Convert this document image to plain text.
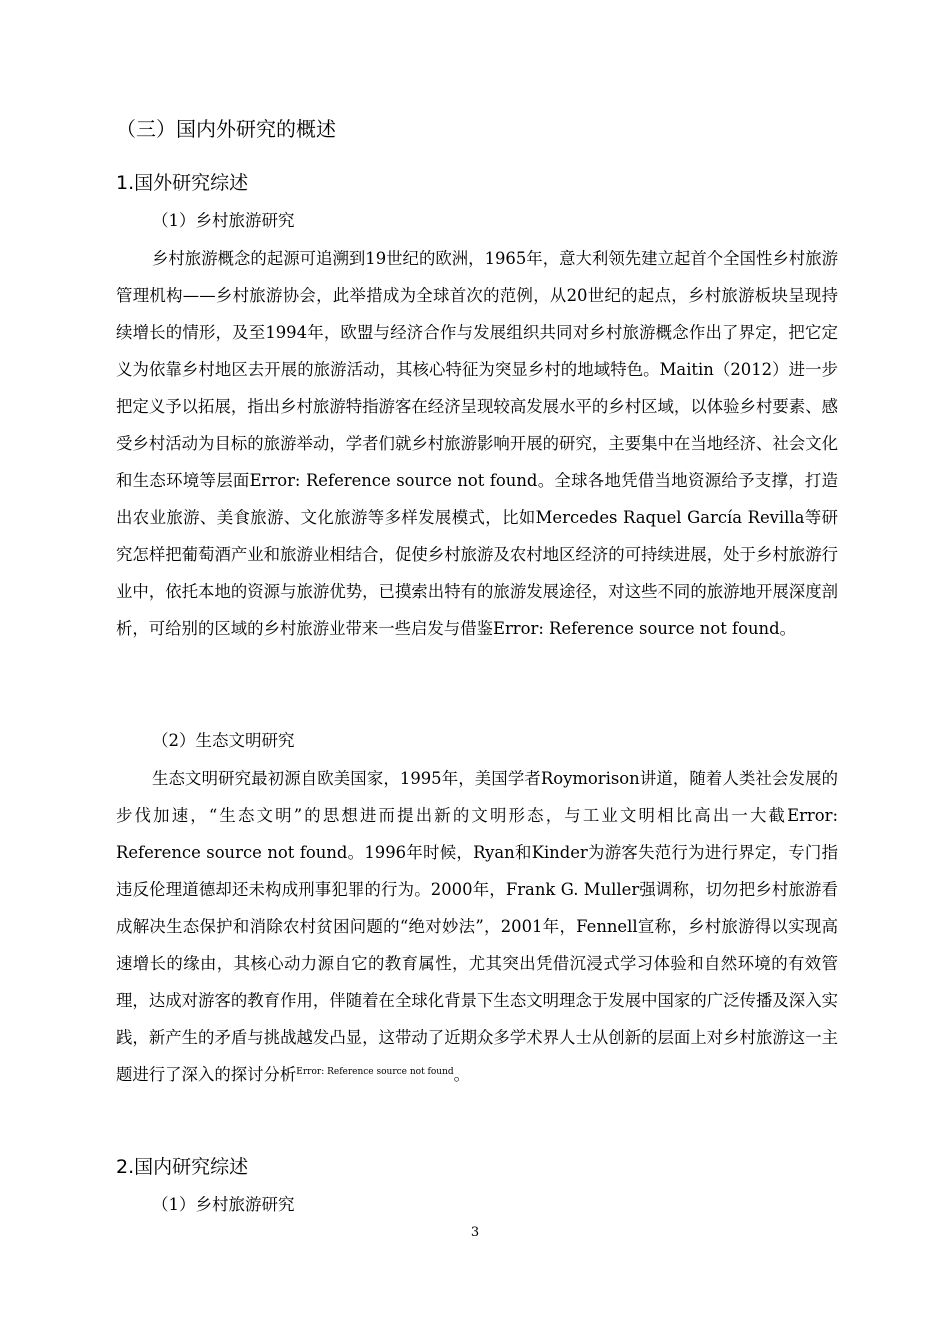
（三）国内外研究的概述
1.国外研究综述
（1）乡村旅游研究

乡村旅游概念的起源可追溯到19世纪的欧洲，1965年，意大利领先建立起首个全国性乡村旅游管理机构——乡村旅游协会，此举措成为全球首次的范例，从20世纪的起点，乡村旅游板块呈现持续增长的情形，及至1994年，欧盟与经济合作与发展组织共同对乡村旅游概念作出了界定，把它定义为依靠乡村地区去开展的旅游活动，其核心特征为突显乡村的地域特色。Maitin（2012）进一步把定义予以拓展，指出乡村旅游特指游客在经济呈现较高发展水平的乡村区域，以体验乡村要素、感受乡村活动为目标的旅游举动，学者们就乡村旅游影响开展的研究，主要集中在当地经济、社会文化和生态环境等层面Error: Reference source not found。全球各地凭借当地资源给予支撑，打造出农业旅游、美食旅游、文化旅游等多样发展模式，比如Mercedes Raquel García Revilla等研究怎样把葡萄酒产业和旅游业相结合，促使乡村旅游及农村地区经济的可持续进展，处于乡村旅游行业中，依托本地的资源与旅游优势，已摸索出特有的旅游发展途径，对这些不同的旅游地开展深度剖析，可给别的区域的乡村旅游业带来一些启发与借鉴Error: Reference source not found。

（2）生态文明研究

生态文明研究最初源自欧美国家，1995年，美国学者Roymorison讲道，随着人类社会发展的步伐加速，“生态文明”的思想进而提出新的文明形态，与工业文明相比高出一大截Error: Reference source not found。1996年时候，Ryan和Kinder为游客失范行为进行界定，专门指违反伦理道德却还未构成刑事犯罪的行为。2000年，Frank G. Muller强调称，切勿把乡村旅游看成解决生态保护和消除农村贫困问题的“绝对妙法”，2001年，Fennell宣称，乡村旅游得以实现高速增长的缘由，其核心动力源自它的教育属性，尤其突出凭借沉浸式学习体验和自然环境的有效管理，达成对游客的教育作用，伴随着在全球化背景下生态文明理念于发展中国家的广泛传播及深入实践，新产生的矛盾与挑战越发凸显，这带动了近期众多学术界人士从创新的层面上对乡村旅游这一主题进行了深入的探讨分析$^{Error: Reference source not found}$。

2.国内研究综述
（1）乡村旅游研究
3
